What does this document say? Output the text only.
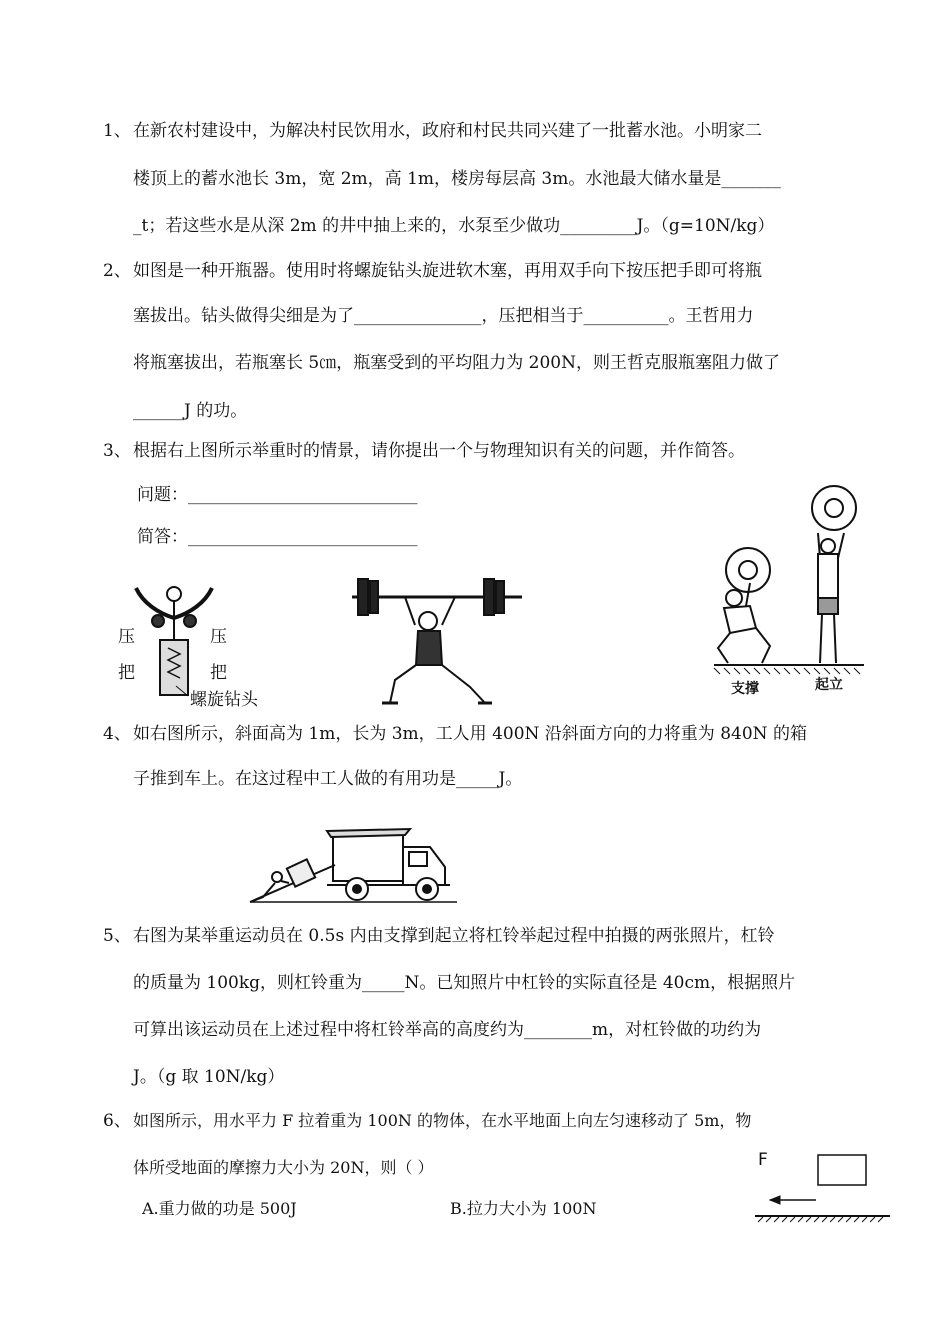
1、 在新农村建设中，为解决村民饮用水，政府和村民共同兴建了一批蓄水池。小明家二
楼顶上的蓄水池长 3m，宽 2m，高 1m，楼房每层高 3m。水池最大储水量是_______
_t；若这些水是从深 2m 的井中抽上来的，水泵至少做功_________J。（g=10N/kg）
2、 如图是一种开瓶器。使用时将螺旋钻头旋进软木塞，再用双手向下按压把手即可将瓶
塞拔出。钻头做得尖细是为了_______________，压把相当于__________。王哲用力
将瓶塞拔出，若瓶塞长 5㎝，瓶塞受到的平均阻力为 200N，则王哲克服瓶塞阻力做了
______J 的功。
3、 根据右上图所示举重时的情景，请你提出一个与物理知识有关的问题，并作简答。
问题：___________________________
简答：___________________________
压
把
压
把
螺旋钻头
支撑	起立
4、 如右图所示，斜面高为 1m，长为 3m，工人用 400N 沿斜面方向的力将重为 840N 的箱
子推到车上。在这过程中工人做的有用功是_____J。
5、 右图为某举重运动员在 0.5s 内由支撑到起立将杠铃举起过程中拍摄的两张照片，杠铃
的质量为 100kg，则杠铃重为_____N。已知照片中杠铃的实际直径是 40cm，根据照片
可算出该运动员在上述过程中将杠铃举高的高度约为________m，对杠铃做的功约为
J。（g 取 10N/kg）
6、 如图所示，用水平力 F 拉着重为 100N 的物体，在水平地面上向左匀速移动了 5m，物
体所受地面的摩擦力大小为 20N，则（ ）
A.重力做的功是 500J	B.拉力大小为 100N
F
